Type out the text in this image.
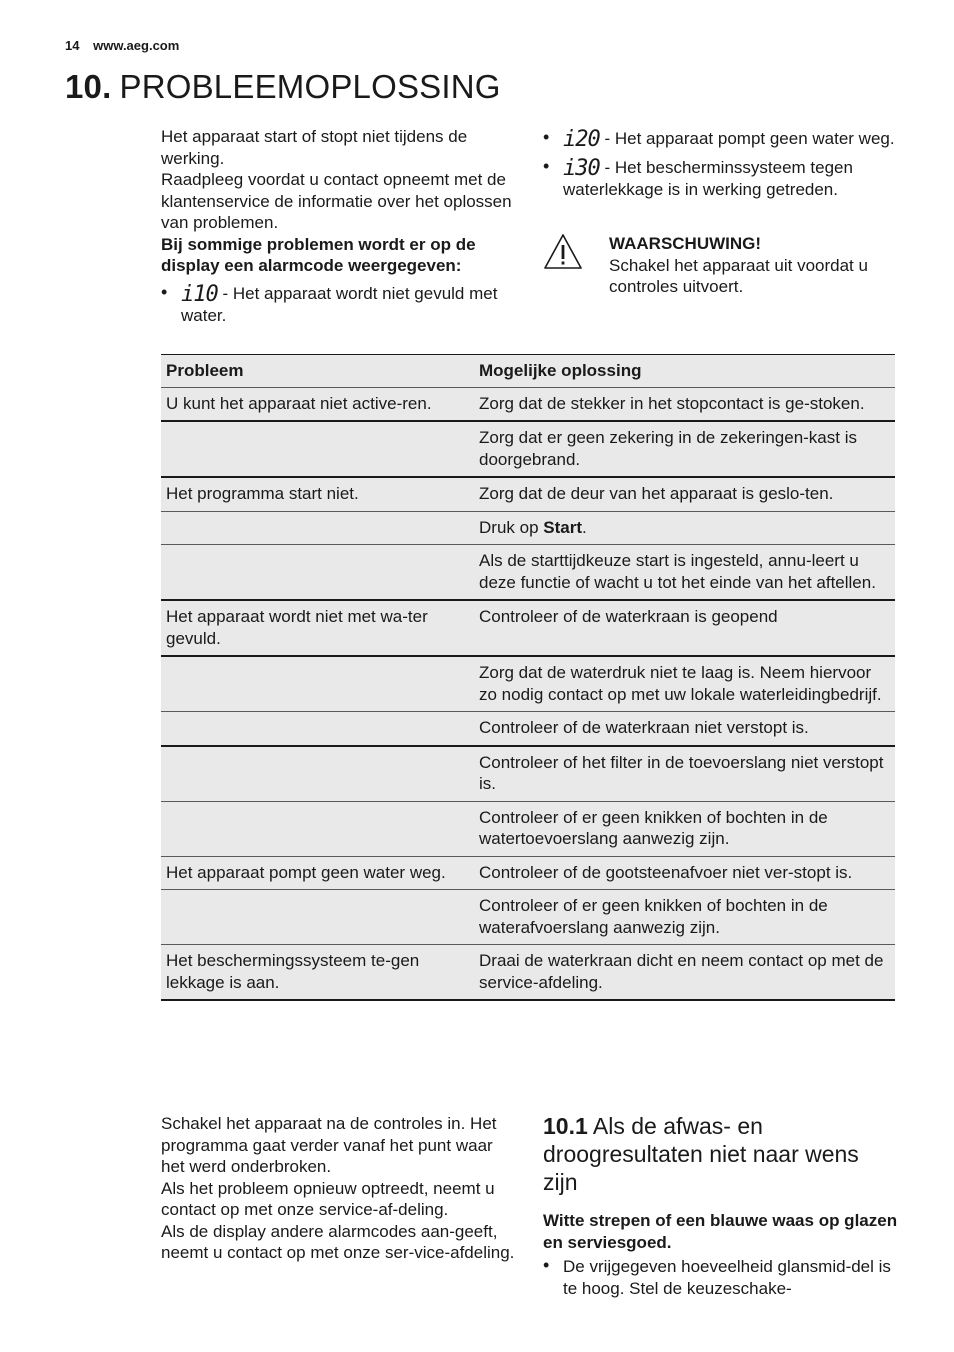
14 www.aeg.com
10. PROBLEEMOPLOSSING

Het apparaat start of stopt niet tijdens de werking.

Raadpleeg voordat u contact opneemt met de klantenservice de informatie over het oplossen van problemen.

Bij sommige problemen wordt er op de display een alarmcode weergegeven:

• i10 - Het apparaat wordt niet gevuld met water.
• i20 - Het apparaat pompt geen water weg.
• i30 - Het bescherminssysteem tegen waterlekkage is in werking getreden.

WAARSCHUWING!

Schakel het apparaat uit voordat u controles uitvoert.

Probleem	Mogelijke oplossing
U kunt het apparaat niet active-ren.	Zorg dat de stekker in het stopcontact is ge-stoken.
	Zorg dat er geen zekering in de zekeringen-kast is doorgebrand.
Het programma start niet.	Zorg dat de deur van het apparaat is geslo-ten.
	Druk op Start.
	Als de starttijdkeuze start is ingesteld, annu-leert u deze functie of wacht u tot het einde van het aftellen.
Het apparaat wordt niet met wa-ter gevuld.	Controleer of de waterkraan is geopend
	Zorg dat de waterdruk niet te laag is. Neem hiervoor zo nodig contact op met uw lokale waterleidingbedrijf.
	Controleer of de waterkraan niet verstopt is.
	Controleer of het filter in de toevoerslang niet verstopt is.
	Controleer of er geen knikken of bochten in de watertoevoerslang aanwezig zijn.
Het apparaat pompt geen water weg.	Controleer of de gootsteenafvoer niet ver-stopt is.
	Controleer of er geen knikken of bochten in de waterafvoerslang aanwezig zijn.
Het beschermingssysteem te-gen lekkage is aan.	Draai de waterkraan dicht en neem contact op met de service-afdeling.

Schakel het apparaat na de controles in. Het programma gaat verder vanaf het punt waar het werd onderbroken.

Als het probleem opnieuw optreedt, neemt u contact op met onze service-af-deling.

Als de display andere alarmcodes aan-geeft, neemt u contact op met onze ser-vice-afdeling.

10.1 Als de afwas- en droogresultaten niet naar wens zijn

Witte strepen of een blauwe waas op glazen en serviesgoed.

• De vrijgegeven hoeveelheid glansmid-del is te hoog. Stel de keuzeschake-
